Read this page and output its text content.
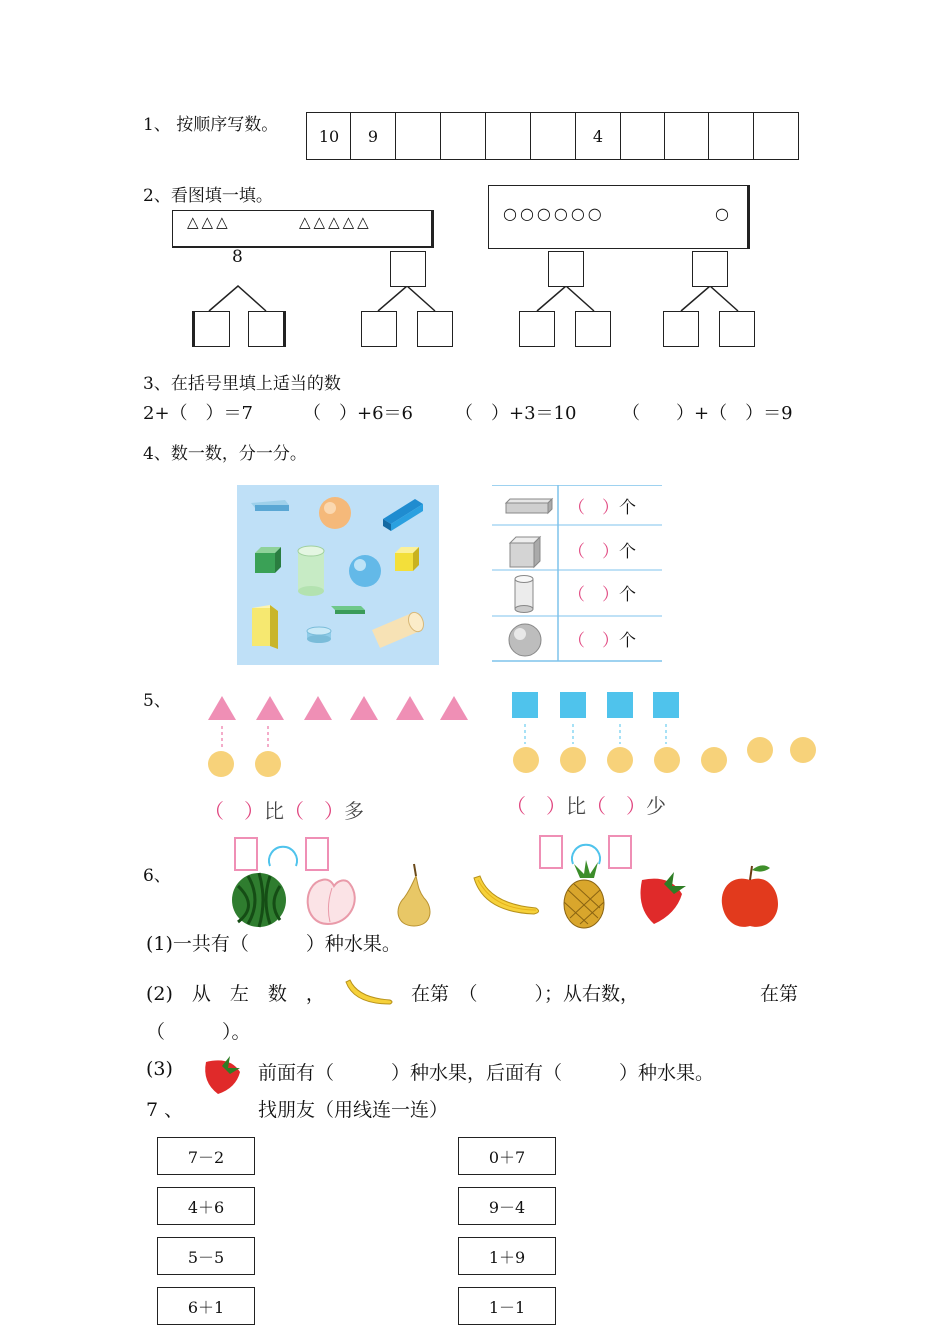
1、 按顺序写数。
10	9	4
2、看图填一填。
△△△	△△△△△	○○○○○○	○
8
3、在括号里填上适当的数
2+（　）＝7	（　）+6＝6 （　）+3＝10	（　　）+（　）＝9
4、数一数，分一分。
（　 ）个
（　 ）个
（　 ）个
（　 ）个
5、
（　 ）比（　 ）多	（　 ）比（　 ）少
6、
(1)一共有（　　　）种水果。
(2)　从　左　数　，	在第　（　　　）；从右数，	在第
（　　　）。
(3)	前面有（　　　）种水果，后面有（　　　）种水果。
7 、	找朋友（用线连一连）
7－2
4＋6
5－5
6＋1
0＋7
9－4
1＋9
1－1
